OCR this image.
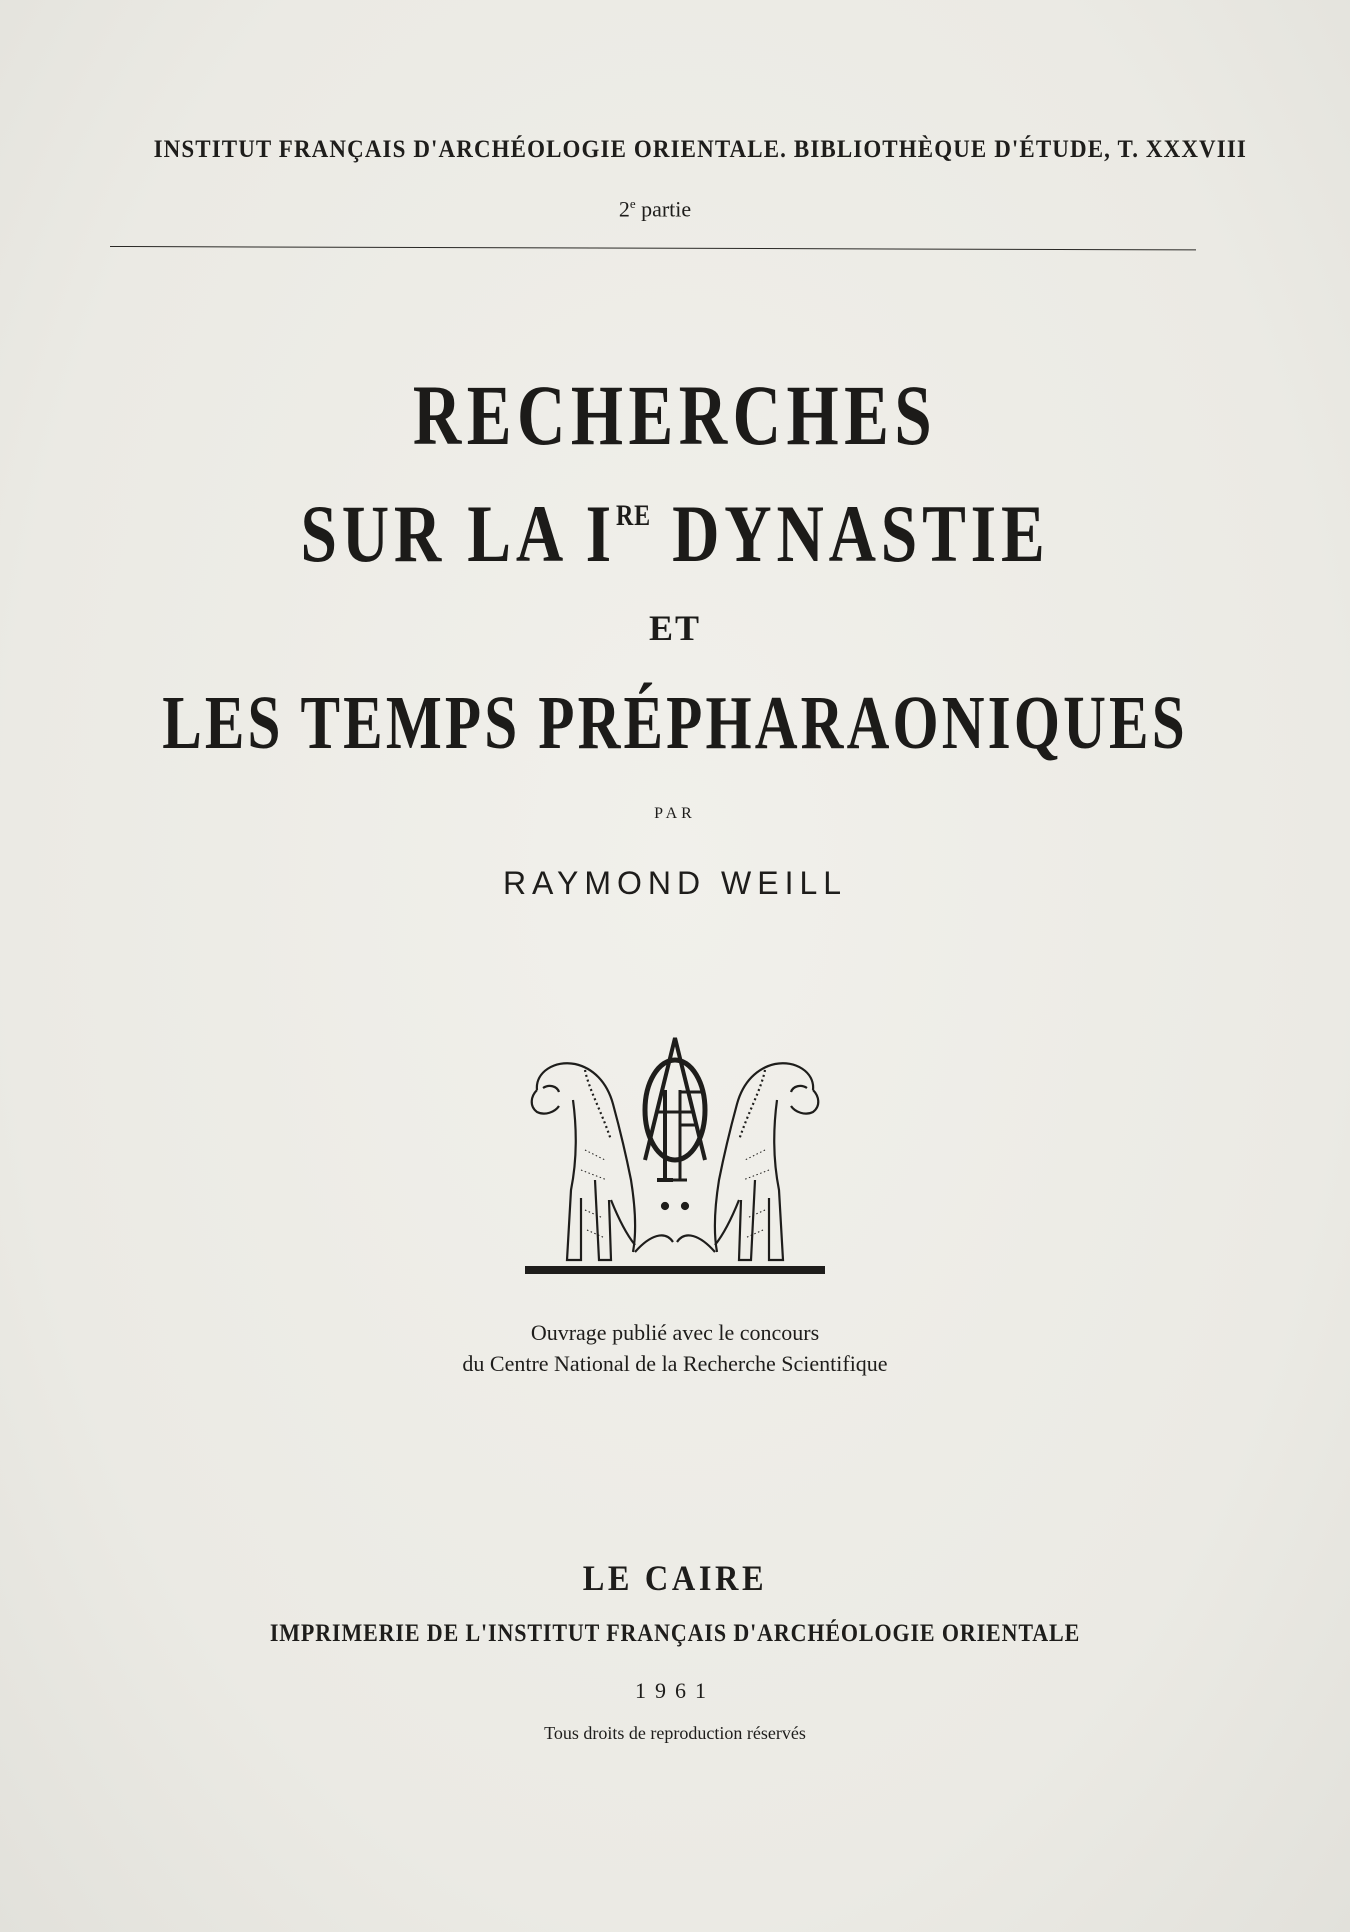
INSTITUT FRANÇAIS D'ARCHÉOLOGIE ORIENTALE. BIBLIOTHÈQUE D'ÉTUDE, T. XXXVIII
2e partie
RECHERCHES
SUR LA IRE DYNASTIE
ET
LES TEMPS PRÉPHARAONIQUES
PAR
RAYMOND WEILL
Ouvrage publié avec le concours
du Centre National de la Recherche Scientifique
LE CAIRE
IMPRIMERIE DE L'INSTITUT FRANÇAIS D'ARCHÉOLOGIE ORIENTALE
1961
Tous droits de reproduction réservés
